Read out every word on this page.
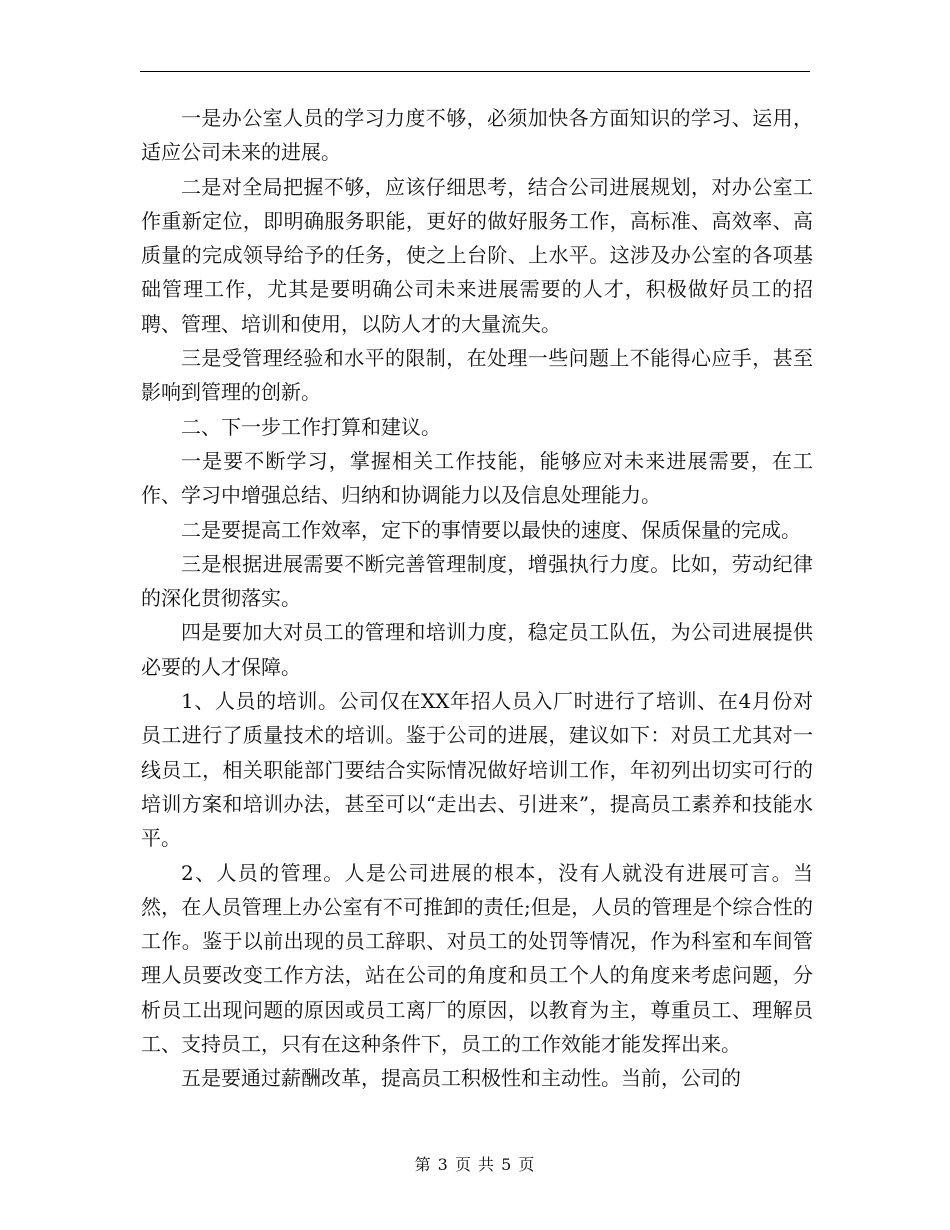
一是办公室人员的学习力度不够，必须加快各方面知识的学习、运用，适应公司未来的进展。

二是对全局把握不够，应该仔细思考，结合公司进展规划，对办公室工作重新定位，即明确服务职能，更好的做好服务工作，高标准、高效率、高质量的完成领导给予的任务，使之上台阶、上水平。这涉及办公室的各项基础管理工作，尤其是要明确公司未来进展需要的人才，积极做好员工的招聘、管理、培训和使用，以防人才的大量流失。

三是受管理经验和水平的限制，在处理一些问题上不能得心应手，甚至影响到管理的创新。

二、下一步工作打算和建议。

一是要不断学习，掌握相关工作技能，能够应对未来进展需要，在工作、学习中增强总结、归纳和协调能力以及信息处理能力。

二是要提高工作效率，定下的事情要以最快的速度、保质保量的完成。

三是根据进展需要不断完善管理制度，增强执行力度。比如，劳动纪律的深化贯彻落实。

四是要加大对员工的管理和培训力度，稳定员工队伍，为公司进展提供必要的人才保障。

1、人员的培训。公司仅在XX年招人员入厂时进行了培训、在4月份对员工进行了质量技术的培训。鉴于公司的进展，建议如下：对员工尤其对一线员工，相关职能部门要结合实际情况做好培训工作，年初列出切实可行的培训方案和培训办法，甚至可以“走出去、引进来”，提高员工素养和技能水平。

2、人员的管理。人是公司进展的根本，没有人就没有进展可言。当然，在人员管理上办公室有不可推卸的责任;但是，人员的管理是个综合性的工作。鉴于以前出现的员工辞职、对员工的处罚等情况，作为科室和车间管理人员要改变工作方法，站在公司的角度和员工个人的角度来考虑问题，分析员工出现问题的原因或员工离厂的原因，以教育为主，尊重员工、理解员工、支持员工，只有在这种条件下，员工的工作效能才能发挥出来。

五是要通过薪酬改革，提高员工积极性和主动性。当前，公司的

第 3 页 共 5 页
